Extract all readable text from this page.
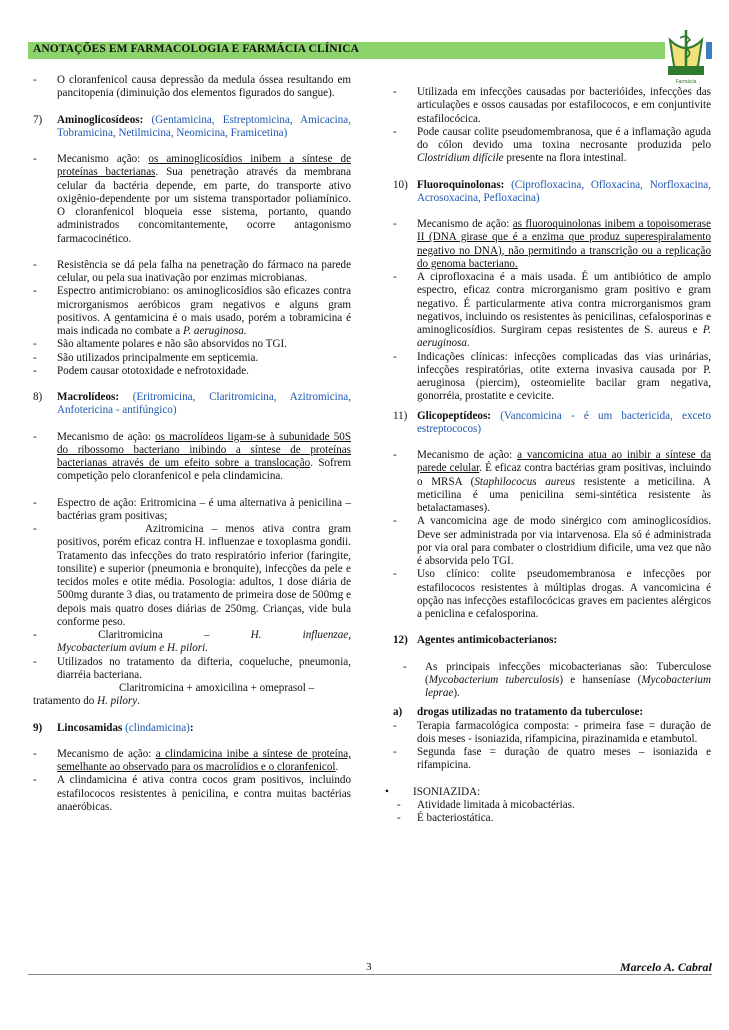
ANOTAÇÕES EM FARMACOLOGIA E FARMÁCIA CLÍNICA
Farmácia
- O cloranfenicol causa depressão da medula óssea resultando em pancitopenia (diminuição dos elementos figurados do sangue).
7) Aminoglicosídeos: (Gentamicina, Estreptomicina, Amicacina, Tobramicina, Netilmicina, Neomicina, Framicetina)
- Mecanismo ação: os aminoglicosídios inibem a síntese de proteínas bacterianas. Sua penetração através da membrana celular da bactéria depende, em parte, do transporte ativo oxigênio-dependente por um sistema transportador poliamínico. O cloranfenicol bloqueia esse sistema, portanto, quando administrados concomitantemente, ocorre antagonismo farmacocinético.
- Resistência se dá pela falha na penetração do fármaco na parede celular, ou pela sua inativação por enzimas microbianas.
- Espectro antimicrobiano: os aminoglicosídios são eficazes contra microrganismos aeróbicos gram negativos e alguns gram positivos. A gentamicina é o mais usado, porém a tobramicina é mais indicada no combate a P. aeruginosa.
- São altamente polares e não são absorvidos no TGI.
- São utilizados principalmente em septicemia.
- Podem causar ototoxidade e nefrotoxidade.
8) Macrolídeos: (Eritromicina, Claritromicina, Azitromicina, Anfotericina - antifúngico)
- Mecanismo de ação: os macrolídeos ligam-se à subunidade 50S do ribossomo bacteriano inibindo a síntese de proteínas bacterianas através de um efeito sobre a translocação. Sofrem competição pelo cloranfenicol e pela clindamicina.
- Espectro de ação: Eritromicina – é uma alternativa à penicilina – bactérias gram positivas;
-	Azitromicina – menos ativa contra gram positivos, porém eficaz contra H. influenzae e toxoplasma gondii. Tratamento das infecções do trato respiratório inferior (faringite, tonsilite) e superior (pneumonia e bronquite), infecções da pele e tecidos moles e otite média. Posologia: adultos, 1 dose diária de 500mg durante 3 dias, ou tratamento de primeira dose de 500mg e depois mais quatro doses diárias de 250mg. Crianças, vide bula conforme peso.
-	Claritromicina	–	H.	influenzae,
Mycobacterium avium e H. pilori.
- Utilizados no tratamento da difteria, coqueluche, pneumonia, diarréia bacteriana.
Claritromicina + amoxicilina + omeprasol –
tratamento do H. pilory.
9) Lincosamidas (clindamicina):
- Mecanismo de ação: a clindamicina inibe a síntese de proteína, semelhante ao observado para os macrolídios e o cloranfenicol.
- A clindamicina é ativa contra cocos gram positivos, incluindo estafilococos resistentes à penicilina, e contra muitas bactérias anaeróbicas.
- Utilizada em infecções causadas por bacterióides, infecções das articulações e ossos causadas por estafilococos, e em conjuntivite estafilocócica.
- Pode causar colite pseudomembranosa, que é a inflamação aguda do cólon devido uma toxina necrosante produzida pelo Clostridium difícile presente na flora intestinal.
10) Fluoroquinolonas: (Ciprofloxacina, Ofloxacina, Norfloxacina, Acrosoxacina, Pefloxacina)
- Mecanismo de ação: as fluoroquinolonas inibem a topoisomerase II (DNA girase que é a enzima que produz superespiralamento negativo no DNA), não permitindo a transcrição ou a replicação do genoma bacteriano.
- A ciprofloxacina é a mais usada. É um antibiótico de amplo espectro, eficaz contra microrganismo gram positivo e gram negativo. É particularmente ativa contra microrganismos gram negativos, incluindo os resistentes às penicilinas, cefalosporinas e aminoglicosídios. Surgiram cepas resistentes de S. aureus e P. aeruginosa.
- Indicações clínicas: infecções complicadas das vias urinárias, infecções respiratórias, otite externa invasiva causada por P. aeruginosa (piercim), osteomielite bacilar gram negativa, gonorréia, prostatite e cevicite.
11) Glicopeptídeos: (Vancomicina - é um bactericida, exceto estreptococos)
- Mecanismo de ação: a vancomicina atua ao inibir a síntese da parede celular. É eficaz contra bactérias gram positivas, incluindo o MRSA (Staphilococus aureus resistente a meticilina. A meticilina é uma penicilina semi-sintética resistente às betalactamases).
- A vancomicina age de modo sinérgico com aminoglicosídios. Deve ser administrada por via intarvenosa. Ela só é administrada por via oral para combater o clostridium dificile, uma vez que não é absorvida pelo TGI.
- Uso clínico: colite pseudomembranosa e infecções por estafilococos resistentes à múltiplas drogas. A vancomicina é opção nas infecções estafilocócicas graves em pacientes alérgicos a peniclina e cefalosporina.
12) Agentes antimicobacterianos:
- As principais infecções micobacterianas são: Tuberculose (Mycobacterium tuberculosis) e hanseníase (Mycobacterium leprae).
a) drogas utilizadas no tratamento da tuberculose:
- Terapia farmacológica composta: - primeira fase = duração de dois meses - isoniazida, rifampicina, pirazinamida e etambutol.
- Segunda fase = duração de quatro meses – isoniazida e rifampicina.
• ISONIAZIDA:
- Atividade limitada à micobactérias.
- É bacteriostática.
3	Marcelo A. Cabral
